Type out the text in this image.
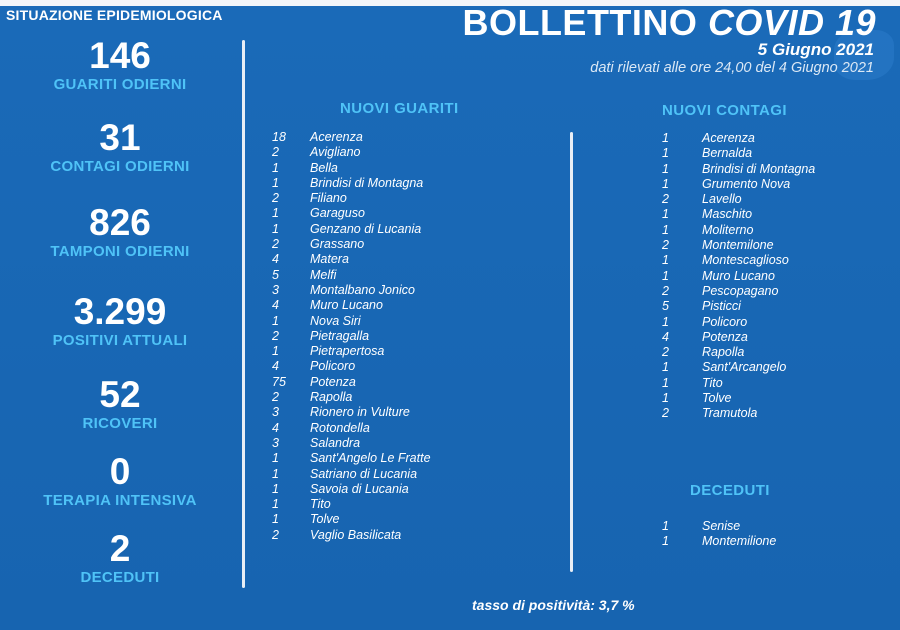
SITUAZIONE EPIDEMIOLOGICA
146
GUARITI ODIERNI
31
CONTAGI ODIERNI
826
TAMPONI ODIERNI
3.299
POSITIVI ATTUALI
52
RICOVERI
0
TERAPIA INTENSIVA
2
DECEDUTI
BOLLETTINO COVID 19
5 Giugno 2021
dati rilevati alle ore 24,00 del 4 Giugno 2021
NUOVI GUARITI
18 Acerenza
2 Avigliano
1 Bella
1 Brindisi di Montagna
2 Filiano
1 Garaguso
1 Genzano di Lucania
2 Grassano
4 Matera
5 Melfi
3 Montalbano Jonico
4 Muro Lucano
1 Nova Siri
2 Pietragalla
1 Pietrapertosa
4 Policoro
75 Potenza
2 Rapolla
3 Rionero in Vulture
4 Rotondella
3 Salandra
1 Sant'Angelo Le Fratte
1 Satriano di Lucania
1 Savoia di Lucania
1 Tito
1 Tolve
2 Vaglio Basilicata
NUOVI CONTAGI
1	Acerenza
1	Bernalda
1	Brindisi di Montagna
1	Grumento Nova
2	Lavello
1	Maschito
1	Moliterno
2	Montemilone
1	Montescaglioso
1	Muro Lucano
2	Pescopagano
5	Pisticci
1	Policoro
4	Potenza
2	Rapolla
1	Sant'Arcangelo
1	Tito
1	Tolve
2	Tramutola
DECEDUTI
1	Senise
1	Montemilione
tasso di positività: 3,7 %
